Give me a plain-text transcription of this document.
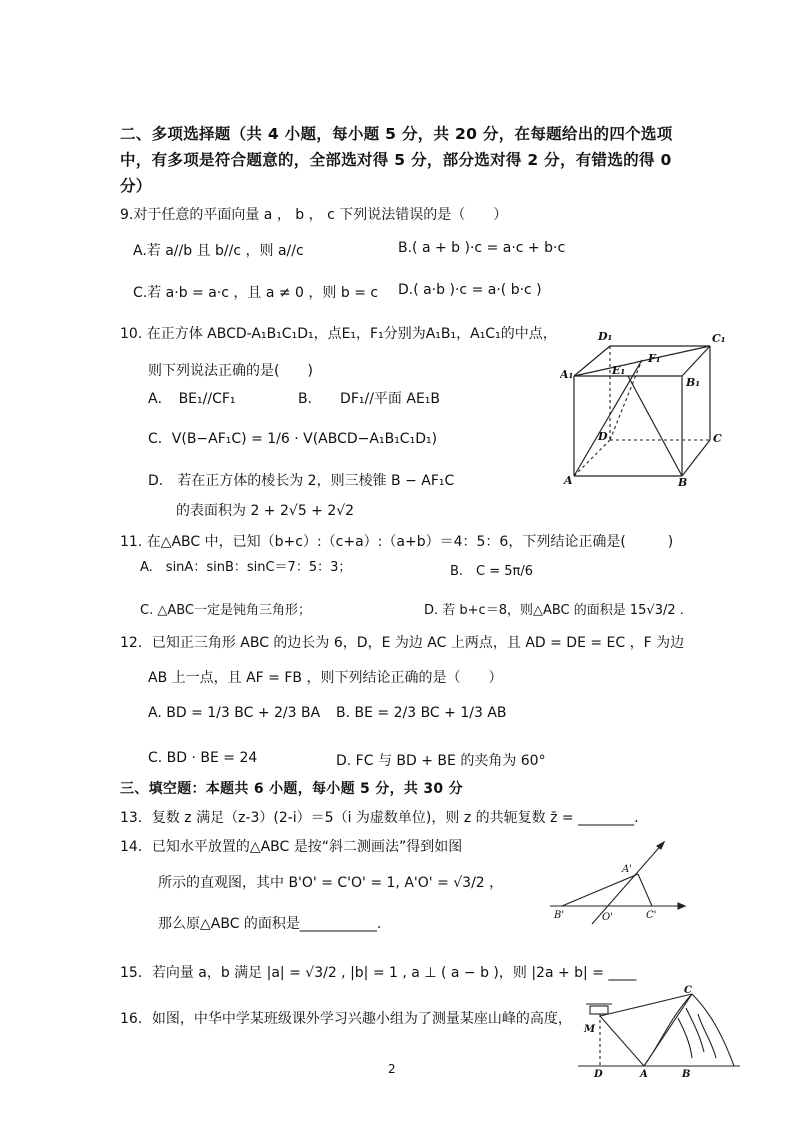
二、多项选择题（共 4 小题，每小题 5 分，共 20 分，在每题给出的四个选项
中，有多项是符合题意的，全部选对得 5 分，部分选对得 2 分，有错选的得 0
分）
9.对于任意的平面向量 a ， b ， c 下列说法错误的是（　　）
A.若 a//b 且 b//c ，则 a//c	B.( a + b )·c = a·c + b·c
C.若 a·b = a·c ，且 a ≠ 0 ，则 b = c D.( a·b )·c = a·( b·c )
10. 在正方体 ABCD-A₁B₁C₁D₁，点E₁，F₁分别为A₁B₁，A₁C₁的中点，
则下列说法正确的是(　　)
A．　BE₁//CF₁	B.　　DF₁//平面 AE₁B
C．V(B−AF₁C) = 1/6 · V(ABCD−A₁B₁C₁D₁)
D.　若在正方体的棱长为 2，则三棱锥 B − AF₁C
的表面积为 2 + 2√5 + 2√2
D₁	C₁
F₁
A₁	E₁
B₁
D	C
A	B
11. 在△ABC 中，已知（b+c）:（c+a）:（a+b）＝4：5：6，下列结论正确是(　　　)
A.　sinA：sinB：sinC＝7：5：3；	B.　C = 5π/6
C. △ABC一定是钝角三角形；	D. 若 b+c＝8，则△ABC 的面积是 15√3/2 .
12．已知正三角形 ABC 的边长为 6，D，E 为边 AC 上两点，且 AD = DE = EC ，F 为边
AB 上一点，且 AF = FB ，则下列结论正确的是（　　）
A. BD = 1/3 BC + 2/3 BA B. BE = 2/3 BC + 1/3 AB
C. BD · BE = 24	D. FC 与 BD + BE 的夹角为 60°
三、填空题：本题共 6 小题，每小题 5 分，共 30 分
13．复数 z 满足（z-3）(2-i）＝5（i 为虚数单位)，则 z 的共轭复数 z̄ = ________.
14．已知水平放置的△ABC 是按“斜二测画法”得到如图
所示的直观图，其中 B'O' = C'O' = 1, A'O' = √3/2 ，
那么原△ABC 的面积是___________.
A'
B'	O'	C'
15．若向量 a，b 满足 |a| = √3/2 , |b| = 1 , a ⊥ ( a − b )，则 |2a + b| = ____
16．如图，中华中学某班级课外学习兴趣小组为了测量某座山峰的高度，
C
M
D	A	B
2
